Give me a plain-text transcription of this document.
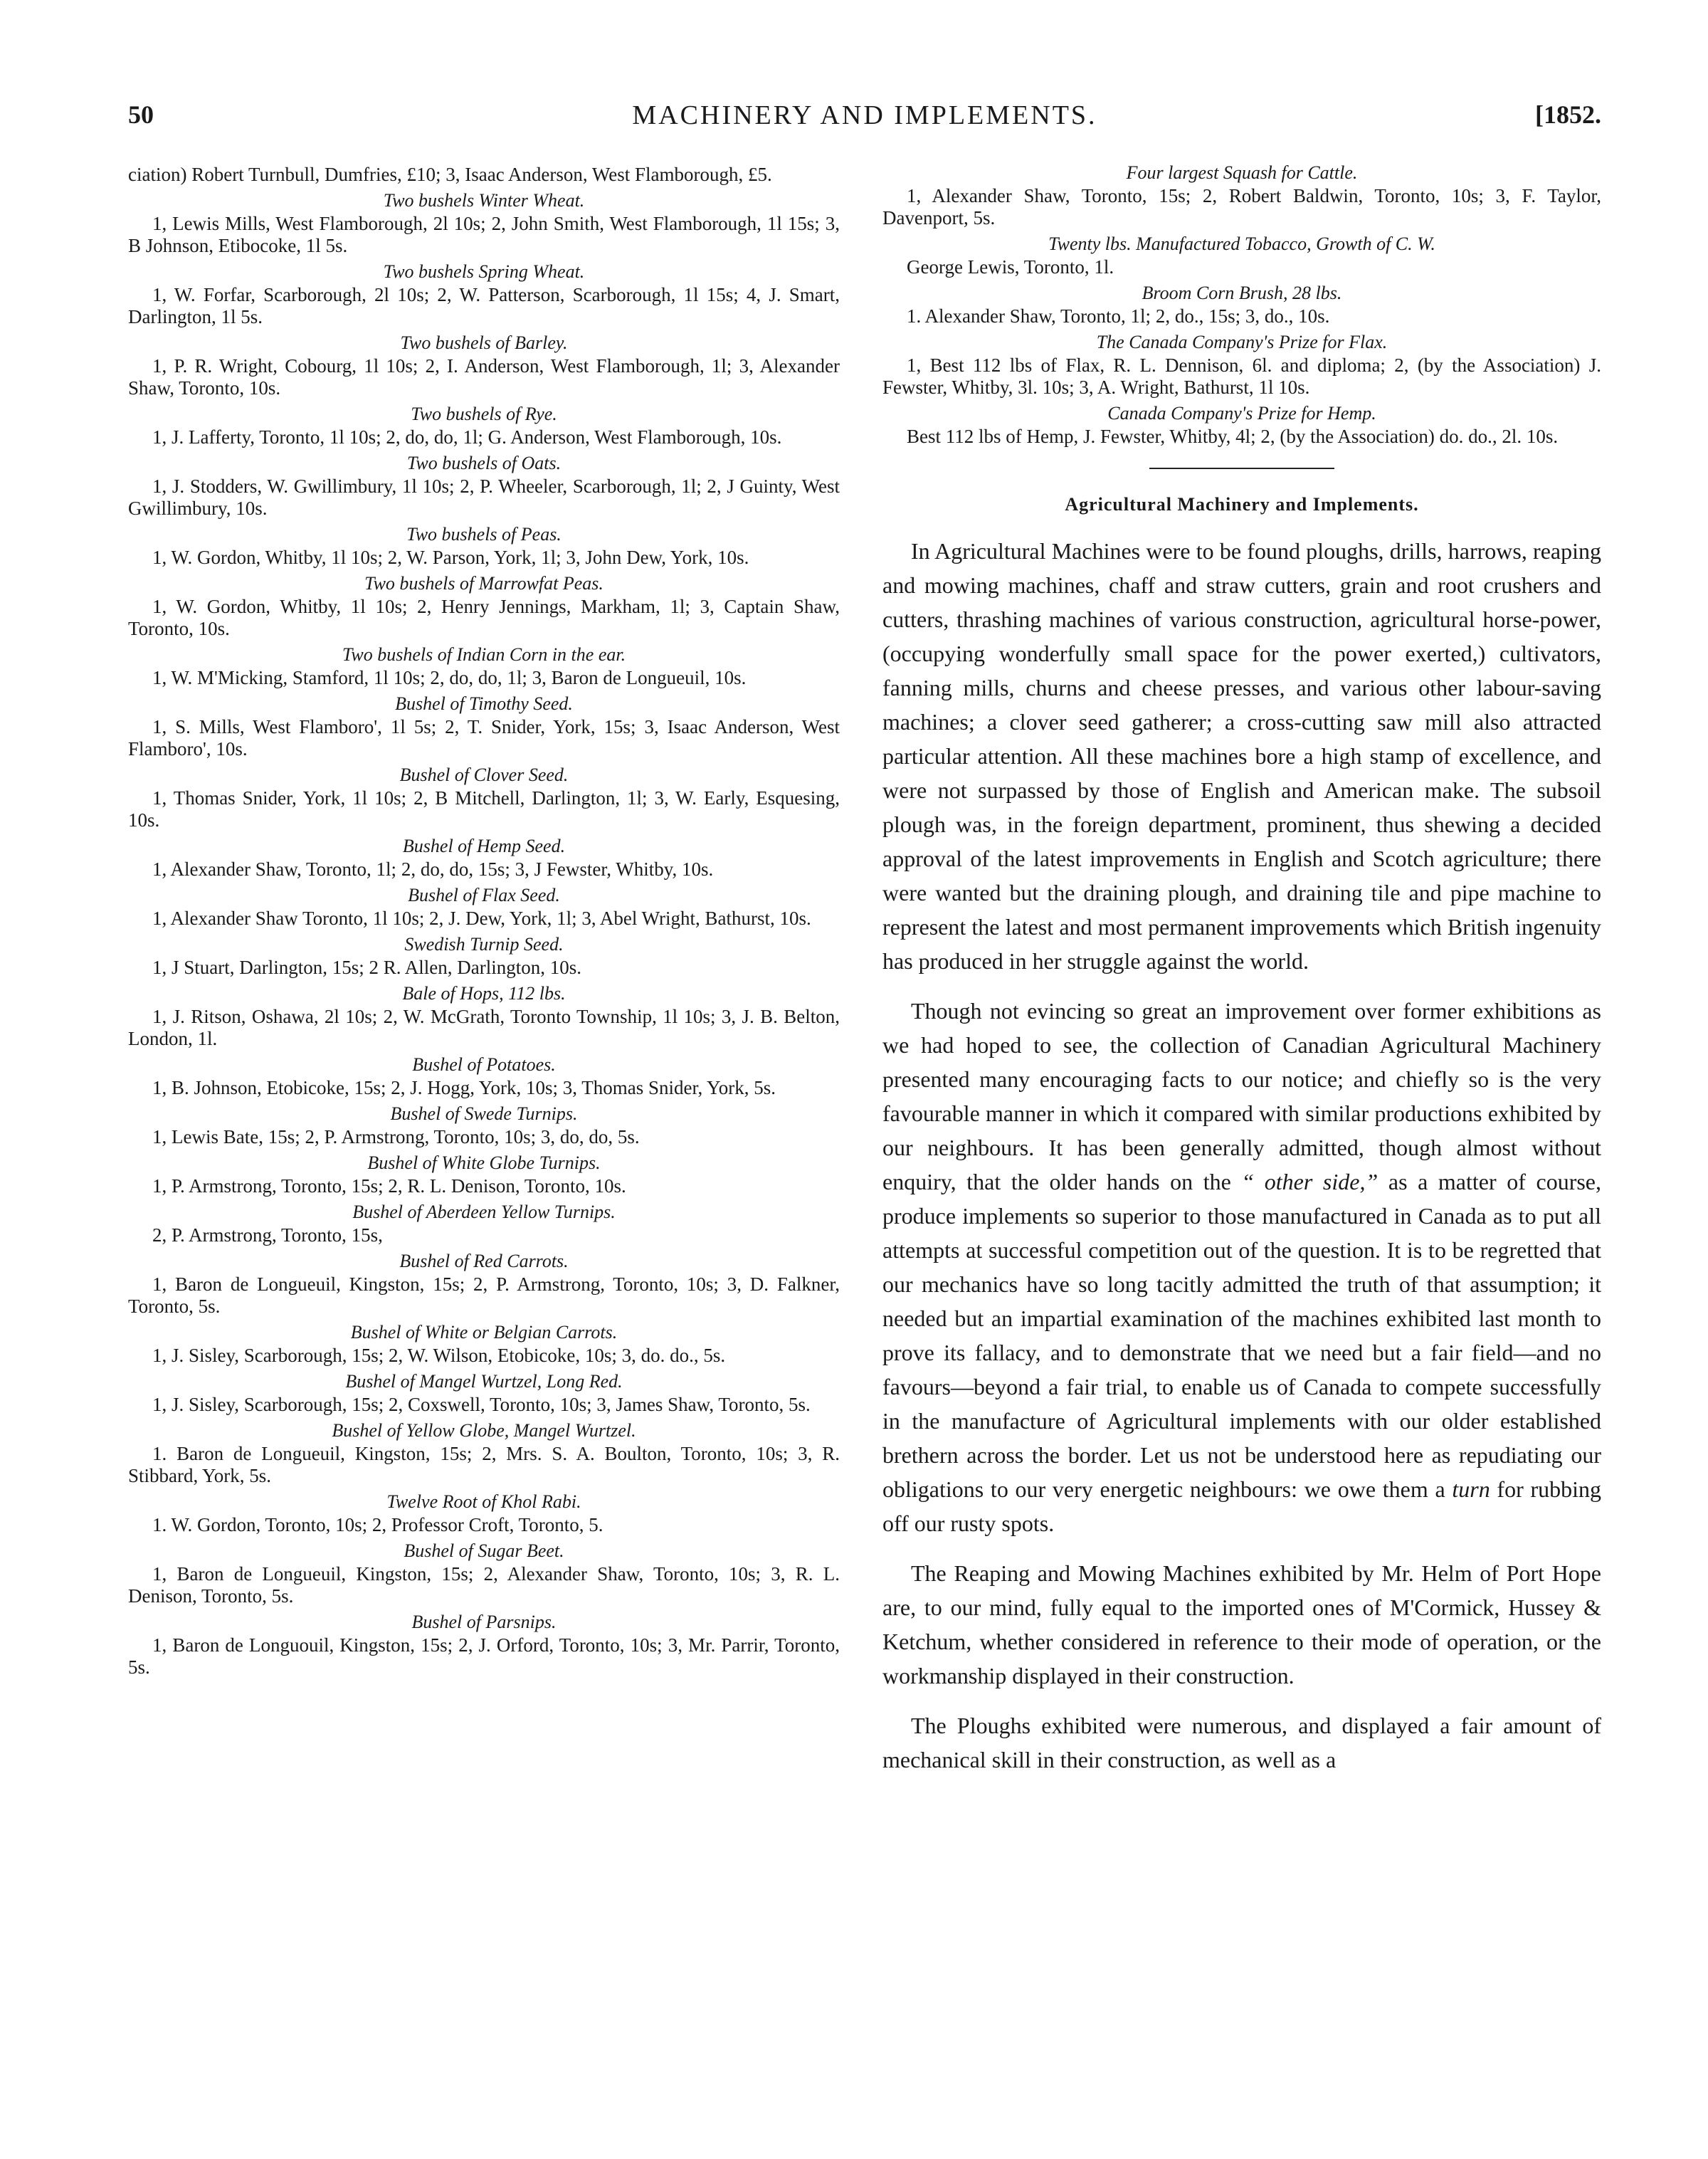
50	MACHINERY AND IMPLEMENTS.	[1852.

ciation) Robert Turnbull, Dumfries, £10; 3, Isaac Anderson, West Flamborough, £5.

Two bushels Winter Wheat.

1, Lewis Mills, West Flamborough, 2l 10s; 2, John Smith, West Flamborough, 1l 15s; 3, B Johnson, Etibocoke, 1l 5s.

Two bushels Spring Wheat.

1, W. Forfar, Scarborough, 2l 10s; 2, W. Patterson, Scarborough, 1l 15s; 4, J. Smart, Darlington, 1l 5s.

Two bushels of Barley.

1, P. R. Wright, Cobourg, 1l 10s; 2, I. Anderson, West Flamborough, 1l; 3, Alexander Shaw, Toronto, 10s.

Two bushels of Rye.

1, J. Lafferty, Toronto, 1l 10s; 2, do, do, 1l; G. Anderson, West Flamborough, 10s.

Two bushels of Oats.

1, J. Stodders, W. Gwillimbury, 1l 10s; 2, P. Wheeler, Scarborough, 1l; 2, J Guinty, West Gwillimbury, 10s.

Two bushels of Peas.

1, W. Gordon, Whitby, 1l 10s; 2, W. Parson, York, 1l; 3, John Dew, York, 10s.

Two bushels of Marrowfat Peas.

1, W. Gordon, Whitby, 1l 10s; 2, Henry Jennings, Markham, 1l; 3, Captain Shaw, Toronto, 10s.

Two bushels of Indian Corn in the ear.

1, W. M'Micking, Stamford, 1l 10s; 2, do, do, 1l; 3, Baron de Longueuil, 10s.

Bushel of Timothy Seed.

1, S. Mills, West Flamboro', 1l 5s; 2, T. Snider, York, 15s; 3, Isaac Anderson, West Flamboro', 10s.

Bushel of Clover Seed.

1, Thomas Snider, York, 1l 10s; 2, B Mitchell, Darlington, 1l; 3, W. Early, Esquesing, 10s.

Bushel of Hemp Seed.

1, Alexander Shaw, Toronto, 1l; 2, do, do, 15s; 3, J Fewster, Whitby, 10s.

Bushel of Flax Seed.

1, Alexander Shaw Toronto, 1l 10s; 2, J. Dew, York, 1l; 3, Abel Wright, Bathurst, 10s.

Swedish Turnip Seed.

1, J Stuart, Darlington, 15s; 2 R. Allen, Darlington, 10s.

Bale of Hops, 112 lbs.

1, J. Ritson, Oshawa, 2l 10s; 2, W. McGrath, Toronto Township, 1l 10s; 3, J. B. Belton, London, 1l.

Bushel of Potatoes.

1, B. Johnson, Etobicoke, 15s; 2, J. Hogg, York, 10s; 3, Thomas Snider, York, 5s.

Bushel of Swede Turnips.

1, Lewis Bate, 15s; 2, P. Armstrong, Toronto, 10s; 3, do, do, 5s.

Bushel of White Globe Turnips.

1, P. Armstrong, Toronto, 15s; 2, R. L. Denison, Toronto, 10s.

Bushel of Aberdeen Yellow Turnips.

2, P. Armstrong, Toronto, 15s,

Bushel of Red Carrots.

1, Baron de Longueuil, Kingston, 15s; 2, P. Armstrong, Toronto, 10s; 3, D. Falkner, Toronto, 5s.

Bushel of White or Belgian Carrots.

1, J. Sisley, Scarborough, 15s; 2, W. Wilson, Etobicoke, 10s; 3, do. do., 5s.

Bushel of Mangel Wurtzel, Long Red.

1, J. Sisley, Scarborough, 15s; 2, Coxswell, Toronto, 10s; 3, James Shaw, Toronto, 5s.

Bushel of Yellow Globe, Mangel Wurtzel.

1. Baron de Longueuil, Kingston, 15s; 2, Mrs. S. A. Boulton, Toronto, 10s; 3, R. Stibbard, York, 5s.

Twelve Root of Khol Rabi.

1. W. Gordon, Toronto, 10s; 2, Professor Croft, Toronto, 5.

Bushel of Sugar Beet.

1, Baron de Longueuil, Kingston, 15s; 2, Alexander Shaw, Toronto, 10s; 3, R. L. Denison, Toronto, 5s.

Bushel of Parsnips.

1, Baron de Longuouil, Kingston, 15s; 2, J. Orford, Toronto, 10s; 3, Mr. Parrir, Toronto, 5s.

Four largest Squash for Cattle.

1, Alexander Shaw, Toronto, 15s; 2, Robert Baldwin, Toronto, 10s; 3, F. Taylor, Davenport, 5s.

Twenty lbs. Manufactured Tobacco, Growth of C. W.

George Lewis, Toronto, 1l.

Broom Corn Brush, 28 lbs.

1. Alexander Shaw, Toronto, 1l; 2, do., 15s; 3, do., 10s.

The Canada Company's Prize for Flax.

1, Best 112 lbs of Flax, R. L. Dennison, 6l. and diploma; 2, (by the Association) J. Fewster, Whitby, 3l. 10s; 3, A. Wright, Bathurst, 1l 10s.

Canada Company's Prize for Hemp.

Best 112 lbs of Hemp, J. Fewster, Whitby, 4l; 2, (by the Association) do. do., 2l. 10s.

Agricultural Machinery and Implements.

In Agricultural Machines were to be found ploughs, drills, harrows, reaping and mowing machines, chaff and straw cutters, grain and root crushers and cutters, thrashing machines of various construction, agricultural horse-power, (occupying wonderfully small space for the power exerted,) cultivators, fanning mills, churns and cheese presses, and various other labour-saving machines; a clover seed gatherer; a cross-cutting saw mill also attracted particular attention. All these machines bore a high stamp of excellence, and were not surpassed by those of English and American make. The subsoil plough was, in the foreign department, prominent, thus shewing a decided approval of the latest improvements in English and Scotch agriculture; there were wanted but the draining plough, and draining tile and pipe machine to represent the latest and most permanent improvements which British ingenuity has produced in her struggle against the world.

Though not evincing so great an improvement over former exhibitions as we had hoped to see, the collection of Canadian Agricultural Machinery presented many encouraging facts to our notice; and chiefly so is the very favourable manner in which it compared with similar productions exhibited by our neighbours. It has been generally admitted, though almost without enquiry, that the older hands on the “ other side,” as a matter of course, produce implements so superior to those manufactured in Canada as to put all attempts at successful competition out of the question. It is to be regretted that our mechanics have so long tacitly admitted the truth of that assumption; it needed but an impartial examination of the machines exhibited last month to prove its fallacy, and to demonstrate that we need but a fair field—and no favours—beyond a fair trial, to enable us of Canada to compete successfully in the manufacture of Agricultural implements with our older established brethern across the border. Let us not be understood here as repudiating our obligations to our very energetic neighbours: we owe them a turn for rubbing off our rusty spots.

The Reaping and Mowing Machines exhibited by Mr. Helm of Port Hope are, to our mind, fully equal to the imported ones of M'Cormick, Hussey & Ketchum, whether considered in reference to their mode of operation, or the workmanship displayed in their construction.

The Ploughs exhibited were numerous, and displayed a fair amount of mechanical skill in their construction, as well as a
